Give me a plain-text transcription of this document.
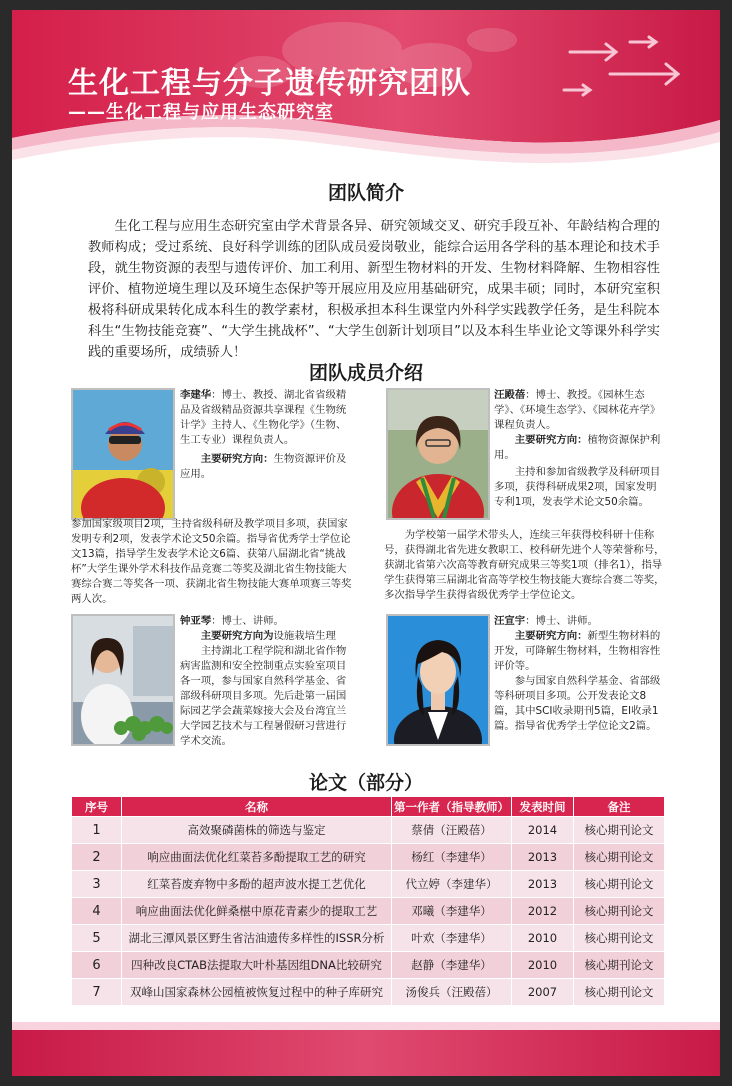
生化工程与分子遗传研究团队
——生化工程与应用生态研究室
团队简介

生化工程与应用生态研究室由学术背景各异、研究领域交叉、研究手段互补、年龄结构合理的教师构成；受过系统、良好科学训练的团队成员爱岗敬业，能综合运用各学科的基本理论和技术手段，就生物资源的表型与遗传评价、加工利用、新型生物材料的开发、生物材料降解、生物相容性评价、植物逆境生理以及环境生态保护等开展应用及应用基础研究，成果丰硕；同时，本研究室积极将科研成果转化成本科生的教学素材，积极承担本科生课堂内外科学实践教学任务，是生科院本科生“生物技能竞赛”、“大学生挑战杯”、“大学生创新计划项目”以及本科生毕业论文等课外科学实践的重要场所，成绩骄人！

团队成员介绍

李建华：博士、教授、湖北省省级精品及省级精品资源共享课程《生物统计学》主持人、《生物化学》（生物、生工专业）课程负责人。

主要研究方向：生物资源评价及应用。

参加国家级项目2项，主持省级科研及教学项目多项，获国家发明专利2项，发表学术论文50余篇。指导省优秀学士学位论文13篇，指导学生发表学术论文6篇、获第八届湖北省“挑战杯”大学生课外学术科技作品竞赛二等奖及湖北省生物技能大赛综合赛二等奖各一项、获湖北省生物技能大赛单项赛三等奖两人次。

汪殿蓓：博士、教授。《园林生态学》、《环境生态学》、《园林花卉学》课程负责人。

主要研究方向：植物资源保护利用。

主持和参加省级教学及科研项目多项，获得科研成果2项，国家发明专利1项，发表学术论文50余篇。

为学校第一届学术带头人，连续三年获得校科研十佳称号，获得湖北省先进女教职工、校科研先进个人等荣誉称号，获湖北省第六次高等教育研究成果三等奖1项（排名1），指导学生获得第三届湖北省高等学校生物技能大赛综合赛二等奖，多次指导学生获得省级优秀学士学位论文。

钟亚琴：博士、讲师。

主要研究方向为设施栽培生理

主持湖北工程学院和湖北省作物病害监测和安全控制重点实验室项目各一项，参与国家自然科学基金、省部级科研项目多项。先后赴第一届国际园艺学会蔬菜嫁接大会及台湾宜兰大学园艺技术与工程暑假研习营进行学术交流。

汪宣宇：博士、讲师。

主要研究方向：新型生物材料的开发，可降解生物材料，生物相容性评价等。

参与国家自然科学基金、省部级等科研项目多项。公开发表论文8篇，其中SCI收录期刊5篇，EI收录1篇。指导省优秀学士学位论文2篇。

论文（部分）
序号	名称	第一作者（指导教师）	发表时间	备注
1	高效聚磷菌株的筛选与鉴定	蔡倩（汪殿蓓）	2014	核心期刊论文
2	响应曲面法优化红菜苔多酚提取工艺的研究	杨红（李建华）	2013	核心期刊论文
3	红菜苔废弃物中多酚的超声波水提工艺优化	代立婷（李建华）	2013	核心期刊论文
4	响应曲面法优化鲜桑椹中原花青素少的提取工艺	邓曦（李建华）	2012	核心期刊论文
5	湖北三潭风景区野生省沽油遗传多样性的ISSR分析	叶欢（李建华）	2010	核心期刊论文
6	四种改良CTAB法提取大叶朴基因组DNA比较研究	赵静（李建华）	2010	核心期刊论文
7	双峰山国家森林公园植被恢复过程中的种子库研究	汤俊兵（汪殿蓓）	2007	核心期刊论文
